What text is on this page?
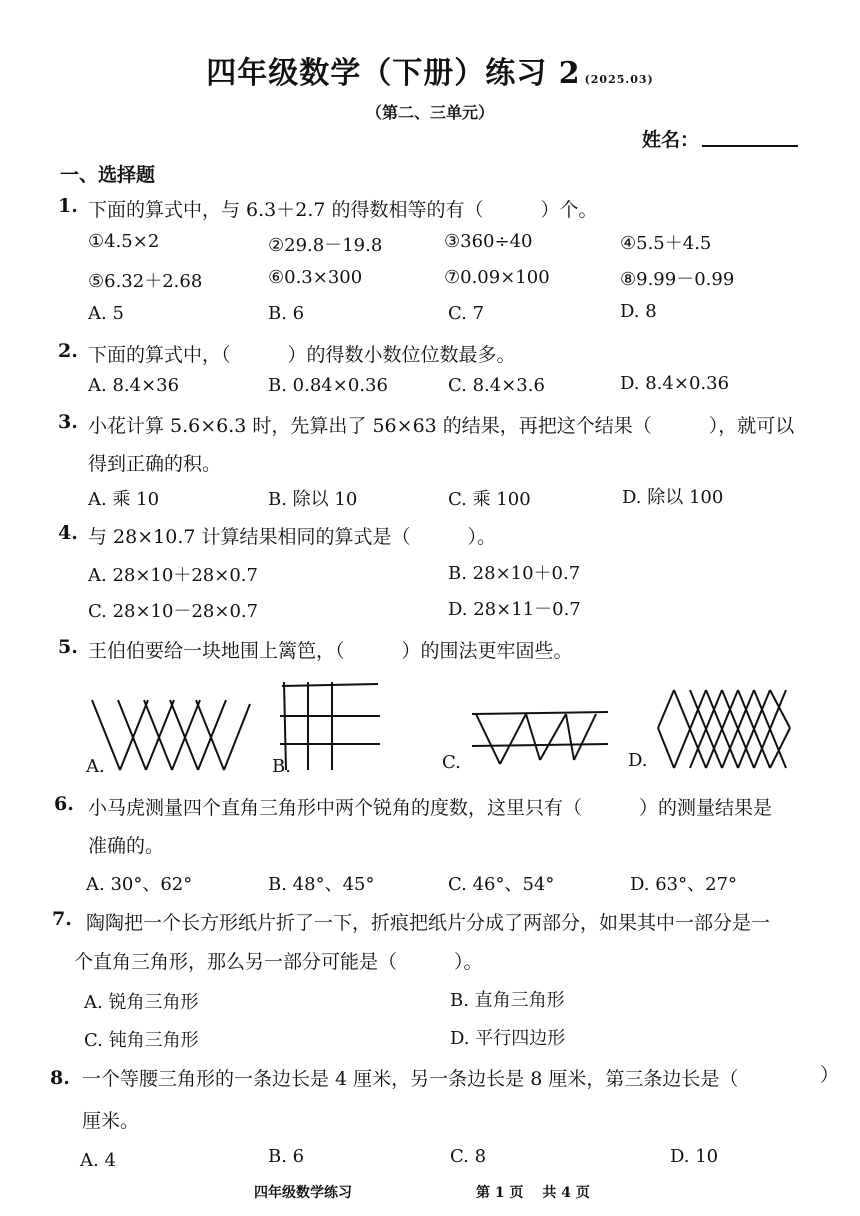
四年级数学（下册）练习 2 (2025.03)
（第二、三单元）
姓名：
一、选择题
1. 下面的算式中，与 6.3＋2.7 的得数相等的有（　　　）个。
①4.5×2	②29.8－19.8	③360÷40	④5.5＋4.5
⑤6.32＋2.68	⑥0.3×300	⑦0.09×100	⑧9.99－0.99
A. 5	B. 6	C. 7	D. 8
2. 下面的算式中，（　　　）的得数小数位位数最多。
A. 8.4×36	B. 0.84×0.36	C. 8.4×3.6	D. 8.4×0.36
3. 小花计算 5.6×6.3 时，先算出了 56×63 的结果，再把这个结果（　　　），就可以
得到正确的积。
A. 乘 10	B. 除以 10	C. 乘 100	D. 除以 100
4. 与 28×10.7 计算结果相同的算式是（　　　）。
A. 28×10＋28×0.7	B. 28×10＋0.7
C. 28×10－28×0.7	D. 28×11－0.7
5. 王伯伯要给一块地围上篱笆，（　　　）的围法更牢固些。
A.	B.	C.	D.
6. 小马虎测量四个直角三角形中两个锐角的度数，这里只有（　　　）的测量结果是
准确的。
A. 30°、62°	B. 48°、45°	C. 46°、54°	D. 63°、27°
7. 陶陶把一个长方形纸片折了一下，折痕把纸片分成了两部分，如果其中一部分是一
个直角三角形，那么另一部分可能是（　　　）。
A. 锐角三角形	B. 直角三角形
C. 钝角三角形	D. 平行四边形
8. 一个等腰三角形的一条边长是 4 厘米，另一条边长是 8 厘米，第三条边长是（	）
厘米。
A. 4	B. 6	C. 8	D. 10
四年级数学练习	第 1 页　 共 4 页
